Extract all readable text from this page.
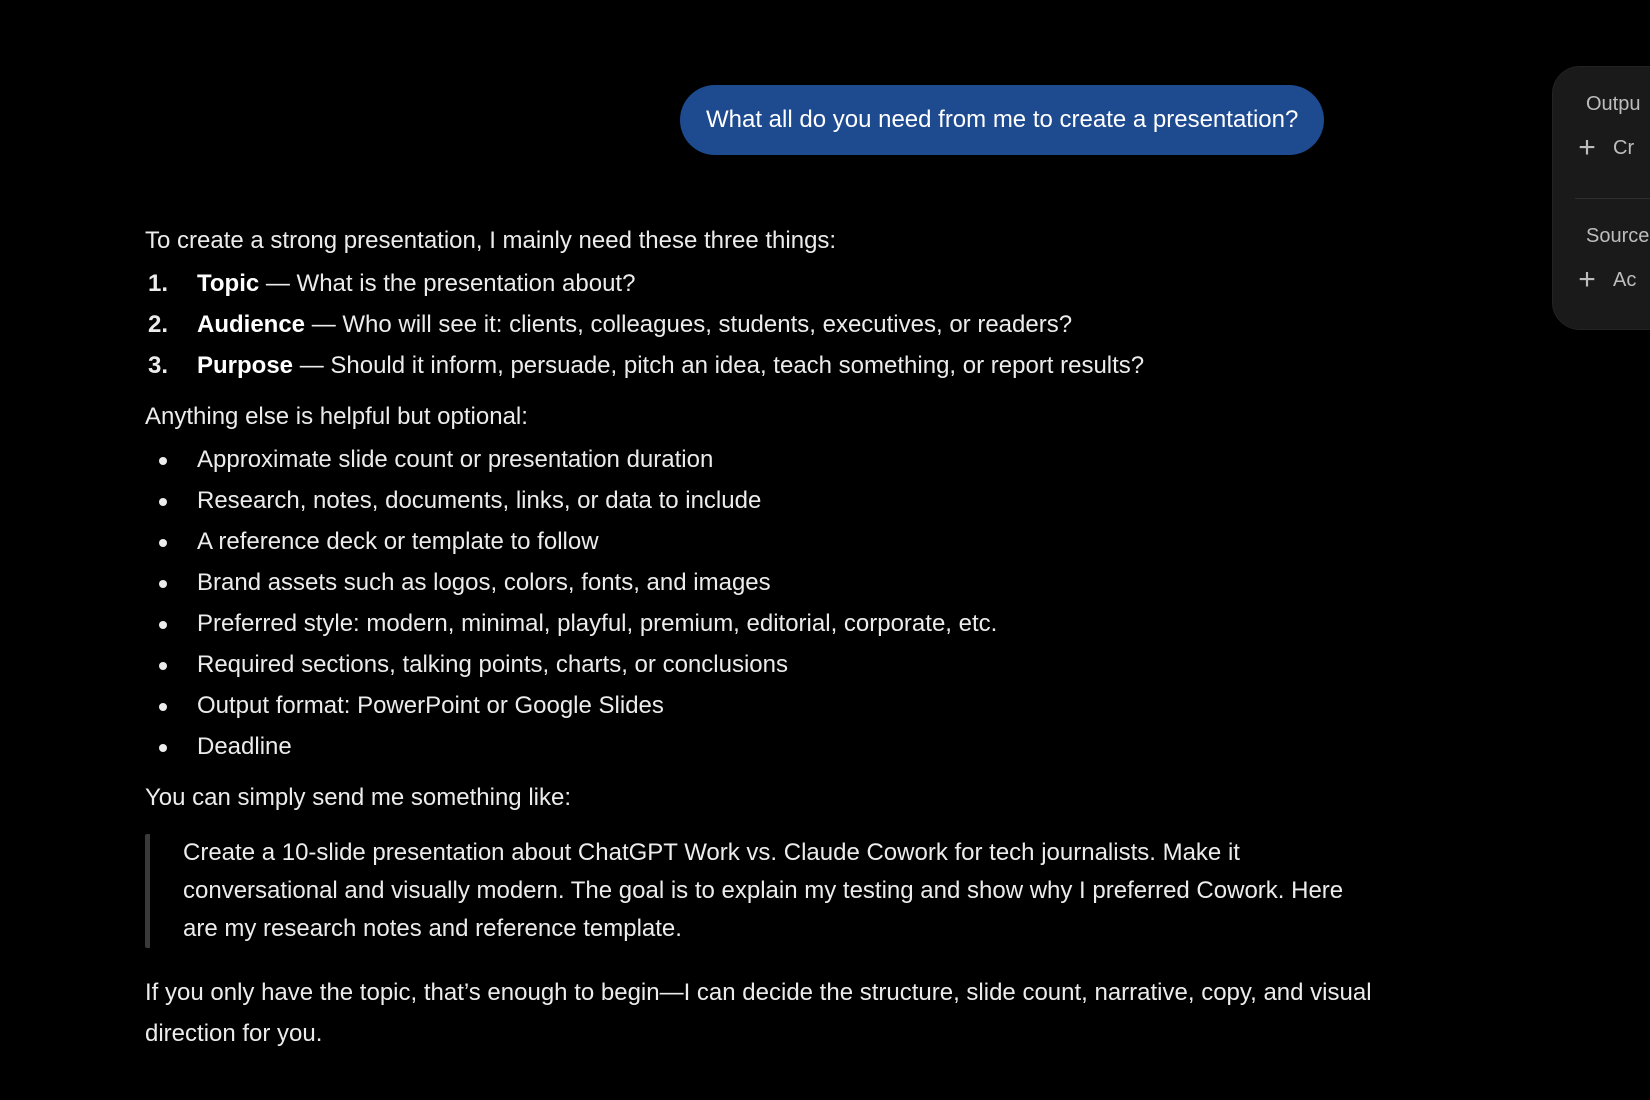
What all do you need from me to create a presentation?

To create a strong presentation, I mainly need these three things:

1. Topic — What is the presentation about?
2. Audience — Who will see it: clients, colleagues, students, executives, or readers?
3. Purpose — Should it inform, persuade, pitch an idea, teach something, or report results?

Anything else is helpful but optional:

Approximate slide count or presentation duration
Research, notes, documents, links, or data to include
A reference deck or template to follow
Brand assets such as logos, colors, fonts, and images
Preferred style: modern, minimal, playful, premium, editorial, corporate, etc.
Required sections, talking points, charts, or conclusions
Output format: PowerPoint or Google Slides
Deadline

You can simply send me something like:

Create a 10-slide presentation about ChatGPT Work vs. Claude Cowork for tech journalists. Make it conversational and visually modern. The goal is to explain my testing and show why I preferred Cowork. Here are my research notes and reference template.

If you only have the topic, that’s enough to begin—I can decide the structure, slide count, narrative, copy, and visual direction for you.

Outpu
+ Cr
Source
+ Ac
